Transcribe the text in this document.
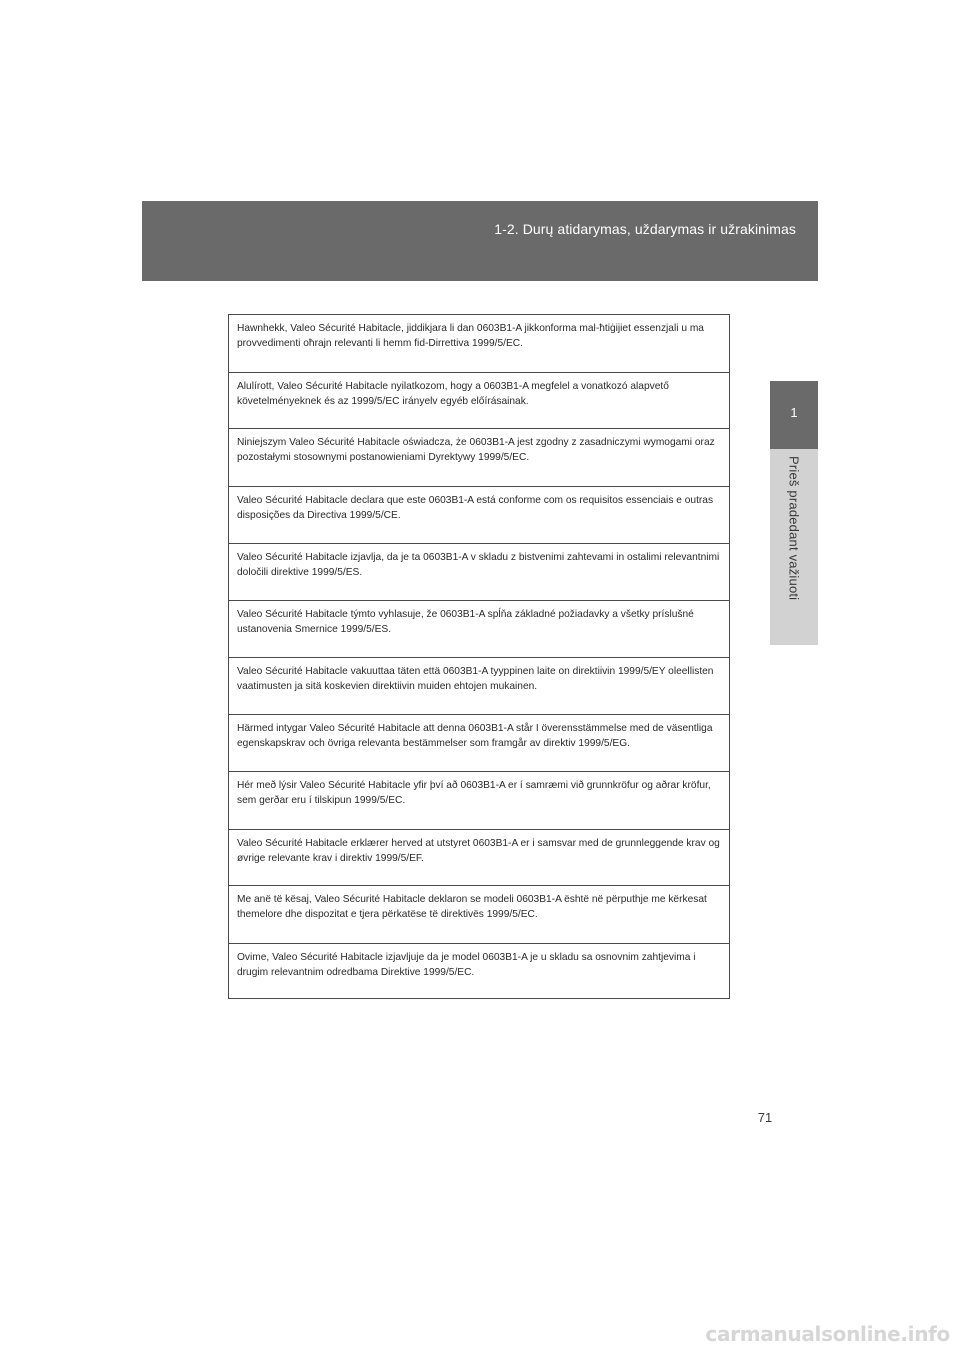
1-2. Durų atidarymas, uždarymas ir užrakinimas
1
Prieš pradedant važiuoti
Hawnhekk, Valeo Sécurité Habitacle, jiddikjara li dan 0603B1-A jikkonforma mal-ħtiġijiet essenzjali u ma provvedimenti oħrajn relevanti li hemm fid-Dirrettiva 1999/5/EC.
Alulírott, Valeo Sécurité Habitacle nyilatkozom, hogy a 0603B1-A megfelel a vonatkozó alapvető követelményeknek és az 1999/5/EC irányelv egyéb előírásainak.
Niniejszym Valeo Sécurité Habitacle oświadcza, że 0603B1-A jest zgodny z zasadniczymi wymogami oraz pozostałymi stosownymi postanowieniami Dyrektywy 1999/5/EC.
Valeo Sécurité Habitacle declara que este 0603B1-A está conforme com os requisitos essenciais e outras disposições da Directiva 1999/5/CE.
Valeo Sécurité Habitacle izjavlja, da je ta 0603B1-A v skladu z bistvenimi zahtevami in ostalimi relevantnimi določili direktive 1999/5/ES.
Valeo Sécurité Habitacle týmto vyhlasuje, že 0603B1-A spĺňa základné požiadavky a všetky príslušné ustanovenia Smernice 1999/5/ES.
Valeo Sécurité Habitacle vakuuttaa täten että 0603B1-A tyyppinen laite on direktiivin 1999/5/EY oleellisten vaatimusten ja sitä koskevien direktiivin muiden ehtojen mukainen.
Härmed intygar Valeo Sécurité Habitacle att denna 0603B1-A står I överensstämmelse med de väsentliga egenskapskrav och övriga relevanta bestämmelser som framgår av direktiv 1999/5/EG.
Hér með lýsir Valeo Sécurité Habitacle yfir því að 0603B1-A er í samræmi við grunnkröfur og aðrar kröfur, sem gerðar eru í tilskipun 1999/5/EC.
Valeo Sécurité Habitacle erklærer herved at utstyret 0603B1-A er i samsvar med de grunnleggende krav og øvrige relevante krav i direktiv 1999/5/EF.
Me anë të kësaj, Valeo Sécurité Habitacle deklaron se modeli 0603B1-A është në përputhje me kërkesat themelore dhe dispozitat e tjera përkatëse të direktivës 1999/5/EC.
Ovime, Valeo Sécurité Habitacle izjavljuje da je model 0603B1-A je u skladu sa osnovnim zahtjevima i drugim relevantnim odredbama Direktive 1999/5/EC.
71
carmanualsonline.info
